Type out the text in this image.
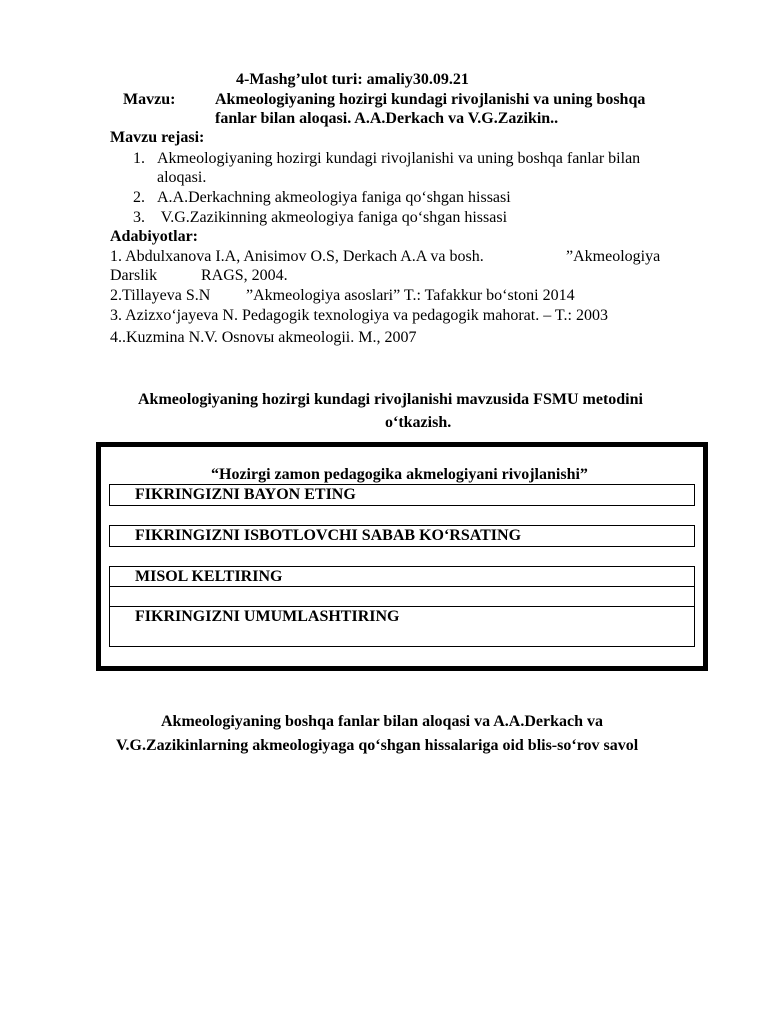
4-Mashg’ulot turi: amaliy30.09.21
Mavzu: Akmeologiyaning hozirgi kundagi rivojlanishi va uning boshqa
fanlar bilan aloqasi. A.A.Derkach va V.G.Zazikin..
Mavzu rejasi:
1. Akmeologiyaning hozirgi kundagi rivojlanishi va uning boshqa fanlar bilan
aloqasi.
2. A.A.Derkachning akmeologiya faniga qo‘shgan hissasi
3. V.G.Zazikinning akmeologiya faniga qo‘shgan hissasi
Adabiyotlar:
1. Abdulxanova I.A, Anisimov O.S, Derkach A.A va bosh.	”Akmeologiya
Darslik	RAGS, 2004.
2.Tillayeva S.N ”Akmeologiya asoslari” T.: Tafakkur bo‘stoni 2014
3. Azizxo‘jayeva N. Pedagogik texnologiya va pedagogik mahorat. – T.: 2003
4..Kuzmina N.V. Osnovы akmeologii. M., 2007
Akmeologiyaning hozirgi kundagi rivojlanishi mavzusida FSMU metodini
o‘tkazish.
“Hozirgi zamon pedagogika akmelogiyani rivojlanishi”
FIKRINGIZNI BAYON ETING
FIKRINGIZNI ISBOTLOVCHI SABAB KO‘RSATING
MISOL KELTIRING
FIKRINGIZNI UMUMLASHTIRING
Akmeologiyaning boshqa fanlar bilan aloqasi va A.A.Derkach va
V.G.Zazikinlarning akmeologiyaga qo‘shgan hissalariga oid blis-so‘rov savol
